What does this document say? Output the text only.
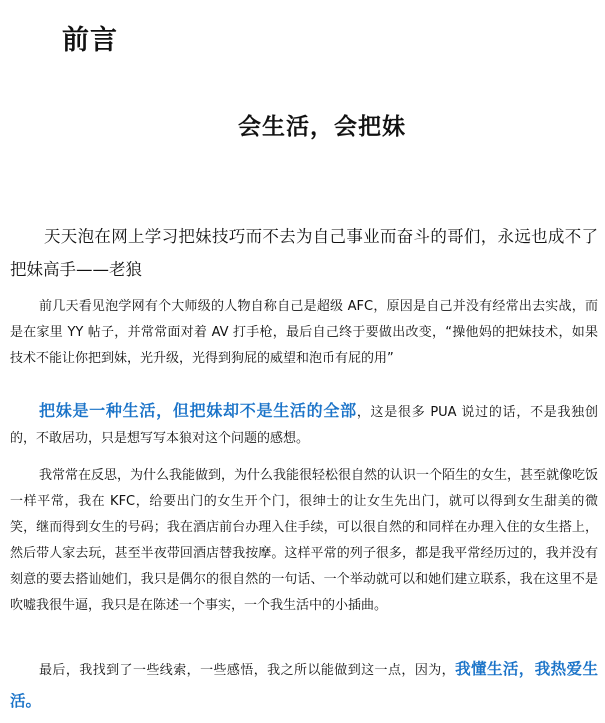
前言
会生活，会把妹

天天泡在网上学习把妹技巧而不去为自己事业而奋斗的哥们，永远也成不了把妹高手——老狼

前几天看见泡学网有个大师级的人物自称自己是超级 AFC，原因是自己并没有经常出去实战，而是在家里 YY 帖子，并常常面对着 AV 打手枪，最后自己终于要做出改变，“操他妈的把妹技术，如果技术不能让你把到妹，光升级，光得到狗屁的威望和泡币有屁的用”

把妹是一种生活，但把妹却不是生活的全部，这是很多 PUA 说过的话，不是我独创的，不敢居功，只是想写写本狼对这个问题的感想。

我常常在反思，为什么我能做到，为什么我能很轻松很自然的认识一个陌生的女生，甚至就像吃饭一样平常，我在 KFC，给要出门的女生开个门，很绅士的让女生先出门，就可以得到女生甜美的微笑，继而得到女生的号码；我在酒店前台办理入住手续，可以很自然的和同样在办理入住的女生搭上，然后带人家去玩，甚至半夜带回酒店替我按摩。这样平常的列子很多，都是我平常经历过的，我并没有刻意的要去搭讪她们，我只是偶尔的很自然的一句话、一个举动就可以和她们建立联系，我在这里不是吹嘘我很牛逼，我只是在陈述一个事实，一个我生活中的小插曲。

最后，我找到了一些线索，一些感悟，我之所以能做到这一点，因为，我懂生活，我热爱生活。
